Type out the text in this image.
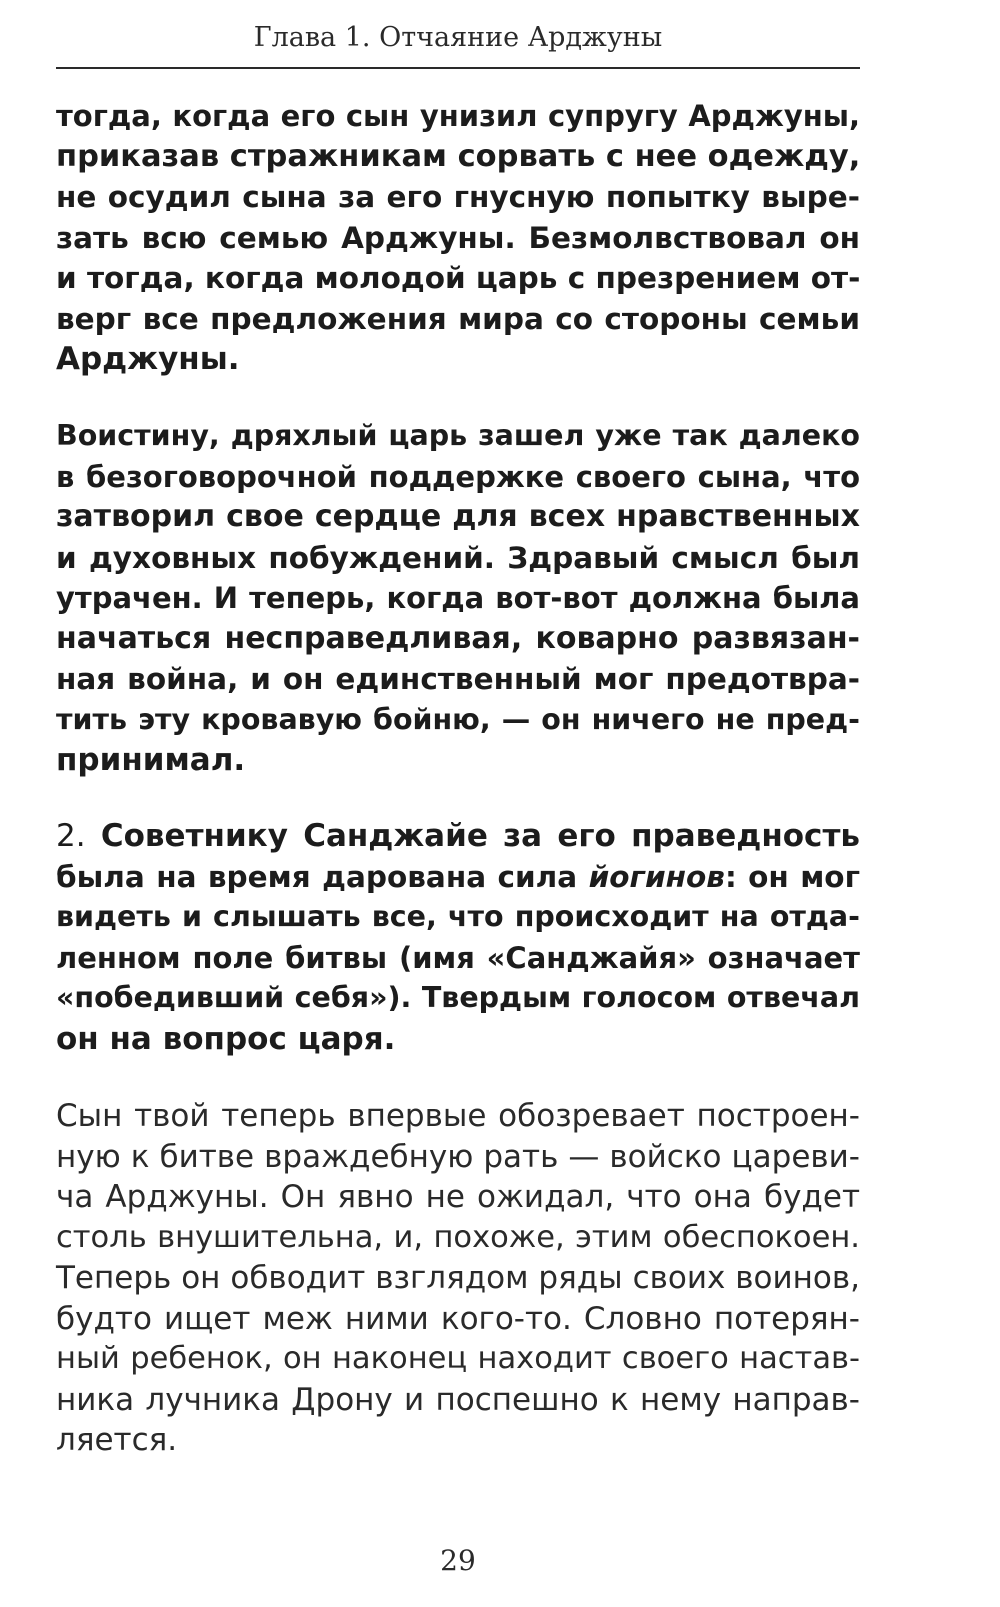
Глава 1. Отчаяние Арджуны

тогда, когда его сын унизил супругу Арджуны,
приказав стражникам сорвать с нее одежду,
не осудил сына за его гнусную попытку выре-
зать всю семью Арджуны. Безмолвствовал он
и тогда, когда молодой царь с презрением от-
верг все предложения мира со стороны семьи
Арджуны.

Воистину, дряхлый царь зашел уже так далеко
в безоговорочной поддержке своего сына, что
затворил свое сердце для всех нравственных
и духовных побуждений. Здравый смысл был
утрачен. И теперь, когда вот-вот должна была
начаться несправедливая, коварно развязан-
ная война, и он единственный мог предотвра-
тить эту кровавую бойню, — он ничего не пред-
принимал.

2. Советнику Санджайе за его праведность
была на время дарована сила йогинов: он мог
видеть и слышать все, что происходит на отда-
ленном поле битвы (имя «Санджайя» означает
«победивший себя»). Твердым голосом отвечал
он на вопрос царя.

Сын твой теперь впервые обозревает построен-
ную к битве враждебную рать — войско цареви-
ча Арджуны. Он явно не ожидал, что она будет
столь внушительна, и, похоже, этим обеспокоен.
Теперь он обводит взглядом ряды своих воинов,
будто ищет меж ними кого-то. Словно потерян-
ный ребенок, он наконец находит своего настав-
ника лучника Дрону и поспешно к нему направ-
ляется.

29
